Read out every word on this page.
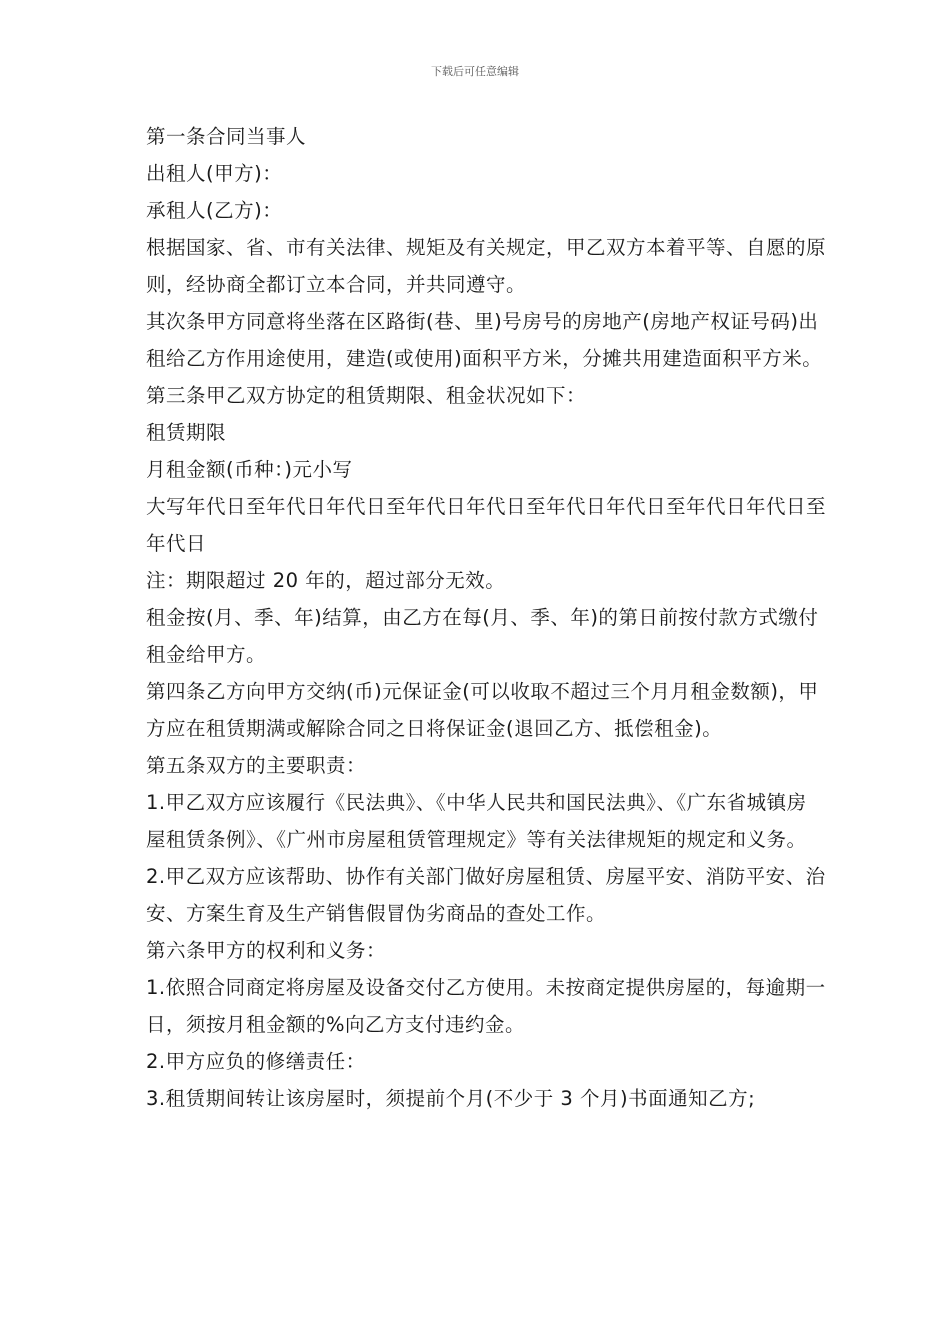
下载后可任意编辑

第一条合同当事人

出租人(甲方)：

承租人(乙方)：

根据国家、省、市有关法律、规矩及有关规定，甲乙双方本着平等、自愿的原则，经协商全都订立本合同，并共同遵守。

其次条甲方同意将坐落在区路街(巷、里)号房号的房地产(房地产权证号码)出租给乙方作用途使用，建造(或使用)面积平方米，分摊共用建造面积平方米。

第三条甲乙双方协定的租赁期限、租金状况如下：

租赁期限

月租金额(币种：)元小写

大写年代日至年代日年代日至年代日年代日至年代日年代日至年代日年代日至年代日

注：期限超过 20 年的，超过部分无效。

租金按(月、季、年)结算，由乙方在每(月、季、年)的第日前按付款方式缴付租金给甲方。

第四条乙方向甲方交纳(币)元保证金(可以收取不超过三个月月租金数额)，甲方应在租赁期满或解除合同之日将保证金(退回乙方、抵偿租金)。

第五条双方的主要职责：

1.甲乙双方应该履行《民法典》、《中华人民共和国民法典》、《广东省城镇房屋租赁条例》、《广州市房屋租赁管理规定》等有关法律规矩的规定和义务。

2.甲乙双方应该帮助、协作有关部门做好房屋租赁、房屋平安、消防平安、治安、方案生育及生产销售假冒伪劣商品的查处工作。

第六条甲方的权利和义务：

1.依照合同商定将房屋及设备交付乙方使用。未按商定提供房屋的，每逾期一日，须按月租金额的%向乙方支付违约金。

2.甲方应负的修缮责任：

3.租赁期间转让该房屋时，须提前个月(不少于 3 个月)书面通知乙方;
